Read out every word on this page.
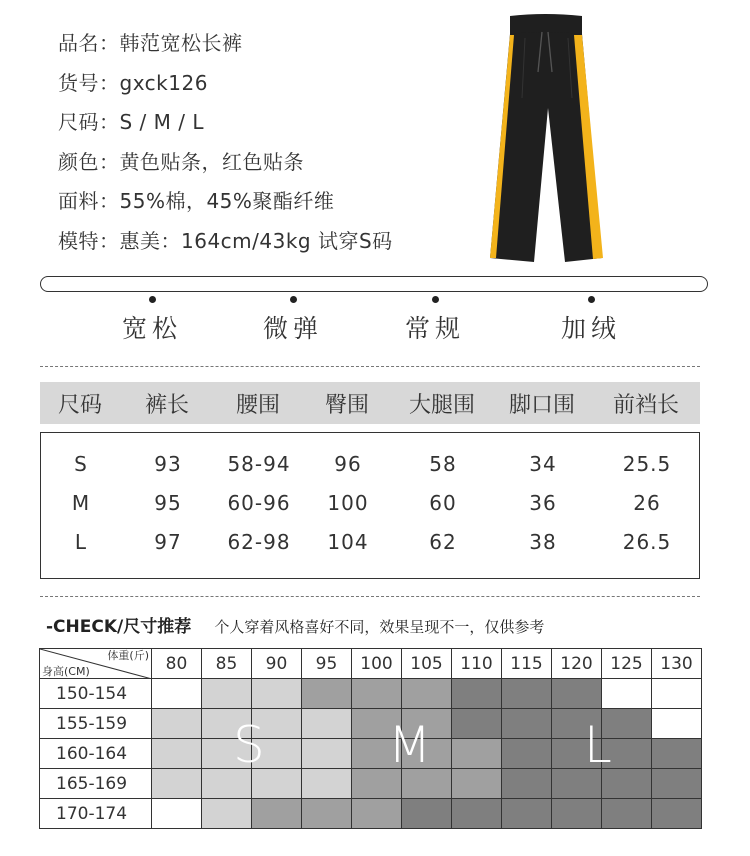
品名：韩范宽松长裤
货号：gxck126
尺码：S / M / L
颜色：黄色贴条，红色贴条
面料：55%棉，45%聚酯纤维
模特：惠美：164cm/43kg 试穿S码
宽松	微弹	常规	加绒
尺码	裤长	腰围	臀围	大腿围	脚口围	前裆长
S	93	58-94	96	58	34	25.5
M	95	60-96	100	60	36	26
L	97	62-98	104	62	38	26.5
-CHECK/尺寸推荐 个人穿着风格喜好不同，效果呈现不一，仅供参考
体重(斤)
身高(CM)	80	85	90	95	100	105	110	115	120	125	130
150-154											
155-159											
160-164											
165-169											
170-174											
S M	L
